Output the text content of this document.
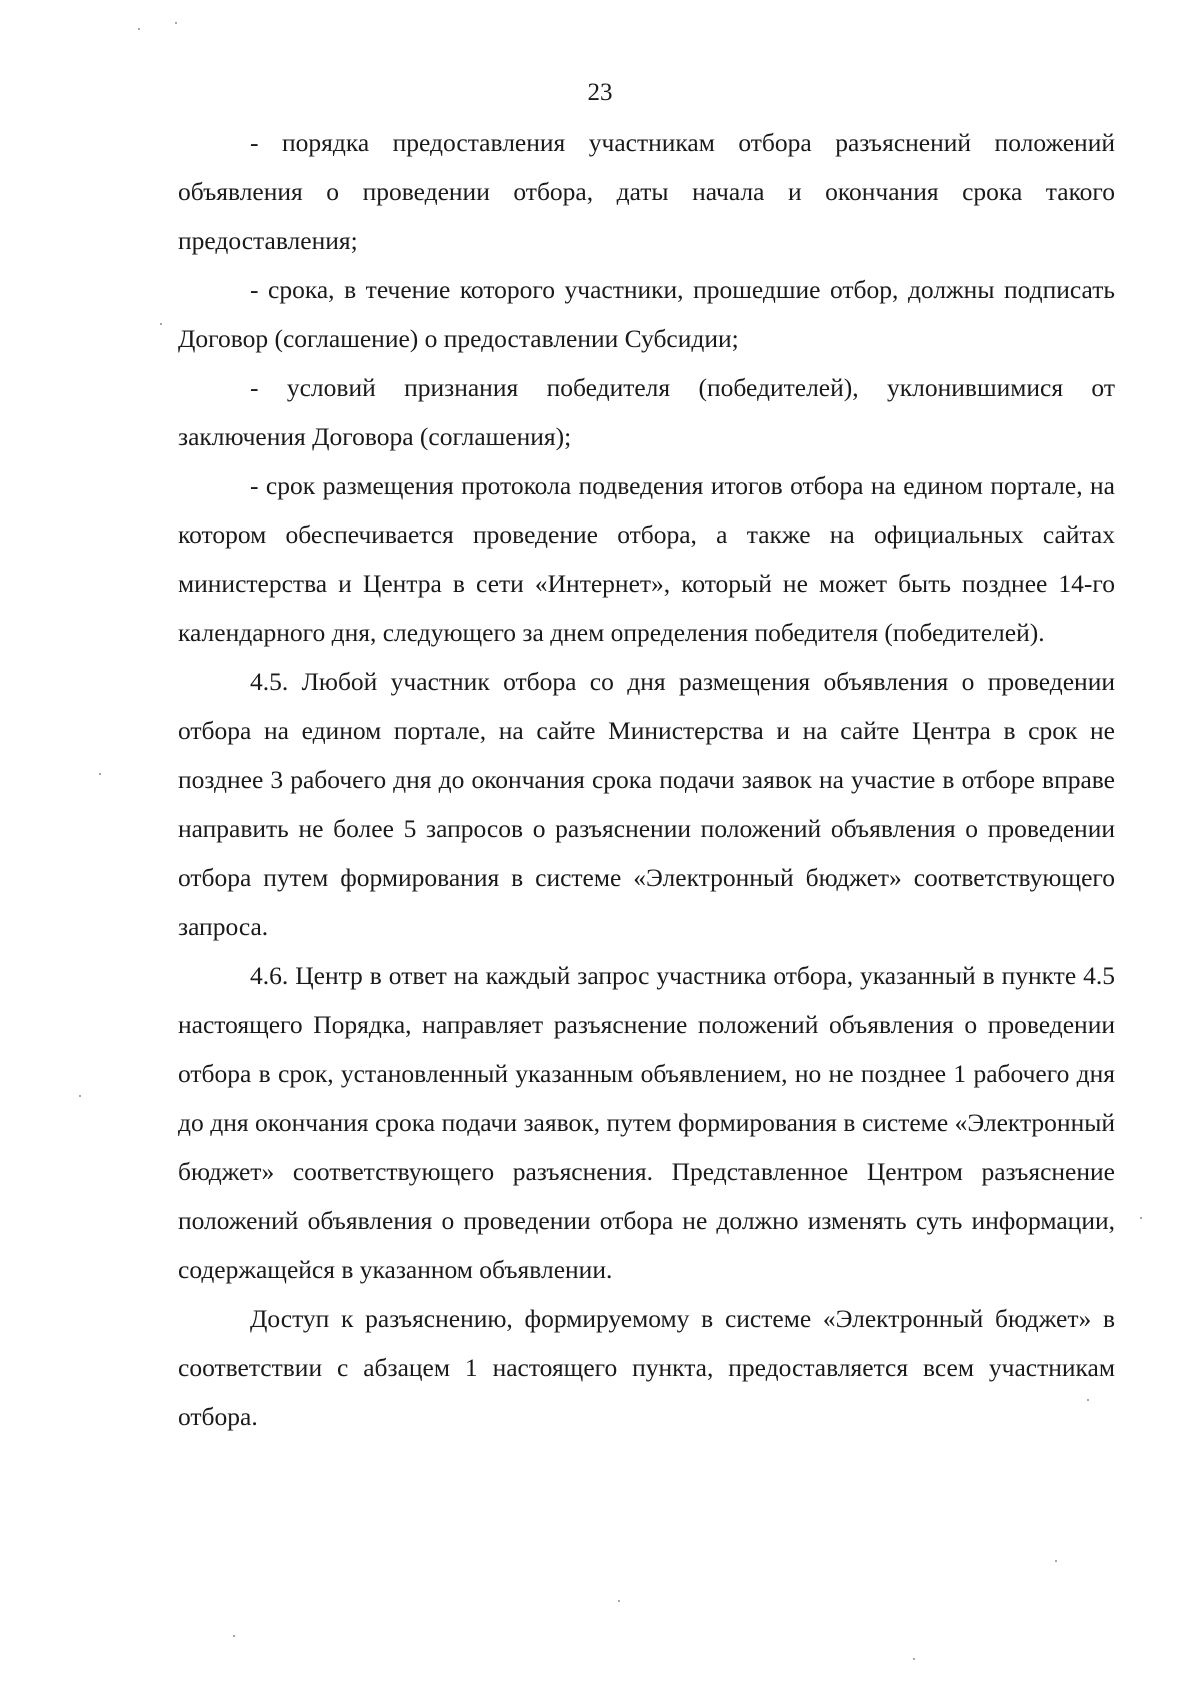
23

- порядка предоставления участникам отбора разъяснений положений объявления о проведении отбора, даты начала и окончания срока такого предоставления;

- срока, в течение которого участники, прошедшие отбор, должны подписать Договор (соглашение) о предоставлении Субсидии;

- условий признания победителя (победителей), уклонившимися от заключения Договора (соглашения);

- срок размещения протокола подведения итогов отбора на едином портале, на котором обеспечивается проведение отбора, а также на официальных сайтах министерства и Центра в сети «Интернет», который не может быть позднее 14-го календарного дня, следующего за днем определения победителя (победителей).

4.5. Любой участник отбора со дня размещения объявления о проведении отбора на едином портале, на сайте Министерства и на сайте Центра в срок не позднее 3 рабочего дня до окончания срока подачи заявок на участие в отборе вправе направить не более 5 запросов о разъяснении положений объявления о проведении отбора путем формирования в системе «Электронный бюджет» соответствующего запроса.

4.6. Центр в ответ на каждый запрос участника отбора, указанный в пункте 4.5 настоящего Порядка, направляет разъяснение положений объявления о проведении отбора в срок, установленный указанным объявлением, но не позднее 1 рабочего дня до дня окончания срока подачи заявок, путем формирования в системе «Электронный бюджет» соответствующего разъяснения. Представленное Центром разъяснение положений объявления о проведении отбора не должно изменять суть информации, содержащейся в указанном объявлении.

Доступ к разъяснению, формируемому в системе «Электронный бюджет» в соответствии с абзацем 1 настоящего пункта, предоставляется всем участникам отбора.
